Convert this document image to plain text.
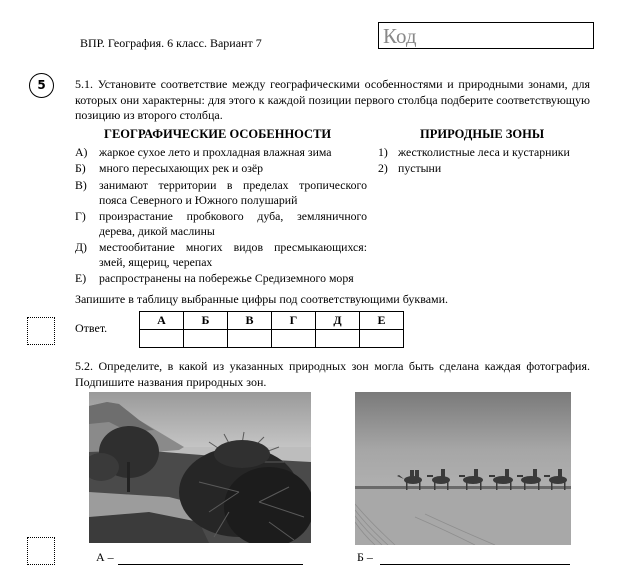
ВПР. География. 6 класс. Вариант 7	Код
5	5.1. Установите соответствие между географическими особенностями и природными зонами, для которых они характерны: для этого к каждой позиции первого столбца подберите соответствующую позицию из второго столбца.
ГЕОГРАФИЧЕСКИЕ ОСОБЕННОСТИ	ПРИРОДНЫЕ ЗОНЫ
А) жаркое сухое лето и прохладная влажная зима
Б)	много пересыхающих рек и озёр
В)	занимают территории в пределах тропического пояса Северного и Южного полушарий
Г)	произрастание пробкового дуба, земляничного дерева, дикой маслины
Д)	местообитание многих видов пресмыкающихся: змей, ящериц, черепах
Е)	распространены на побережье Средиземного моря
1) жестколистные леса и кустарники
2) пустыни
Запишите в таблицу выбранные цифры под соответствующими буквами.
Ответ.
А	Б	В	Г	Д	Е

5.2. Определите, в какой из указанных природных зон могла быть сделана каждая фотография. Подпишите названия природных зон.
А –	Б –
